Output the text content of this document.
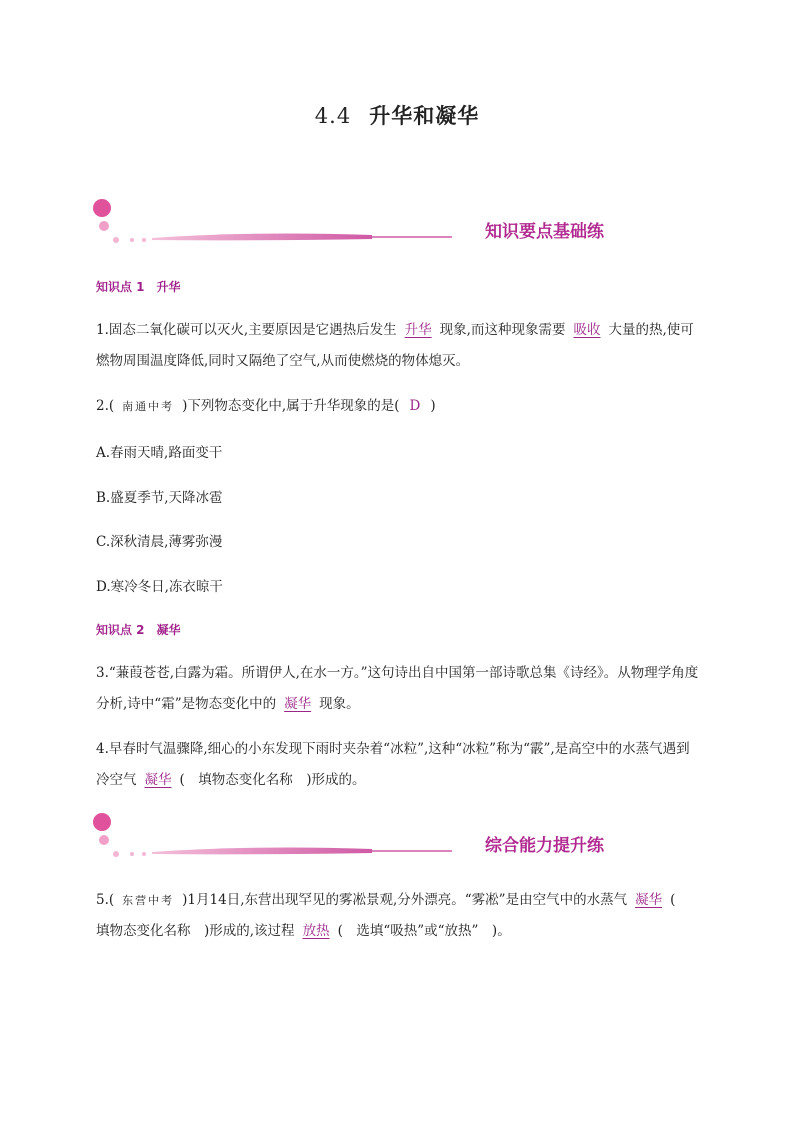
4.4 升华和凝华
知识要点基础练
知识点 1 升华
1.固态二氧化碳可以灭火,主要原因是它遇热后发生 升华 现象,而这种现象需要 吸收 大量的热,使可燃物周围温度降低,同时又隔绝了空气,从而使燃烧的物体熄灭。
2.( 南通中考 )下列物态变化中,属于升华现象的是( D )
A.春雨天晴,路面变干
B.盛夏季节,天降冰雹
C.深秋清晨,薄雾弥漫
D.寒冷冬日,冻衣晾干
知识点 2 凝华
3.“蒹葭苍苍,白露为霜。所谓伊人,在水一方。”这句诗出自中国第一部诗歌总集《诗经》。从物理学角度分析,诗中“霜”是物态变化中的 凝华 现象。
4.早春时气温骤降,细心的小东发现下雨时夹杂着“冰粒”,这种“冰粒”称为“霰”,是高空中的水蒸气遇到冷空气 凝华 (　填物态变化名称　)形成的。
综合能力提升练
5.( 东营中考 )1月14日,东营出现罕见的雾凇景观,分外漂亮。“雾凇”是由空气中的水蒸气 凝华 (　填物态变化名称　)形成的,该过程 放热 (　选填“吸热”或“放热”　)。
